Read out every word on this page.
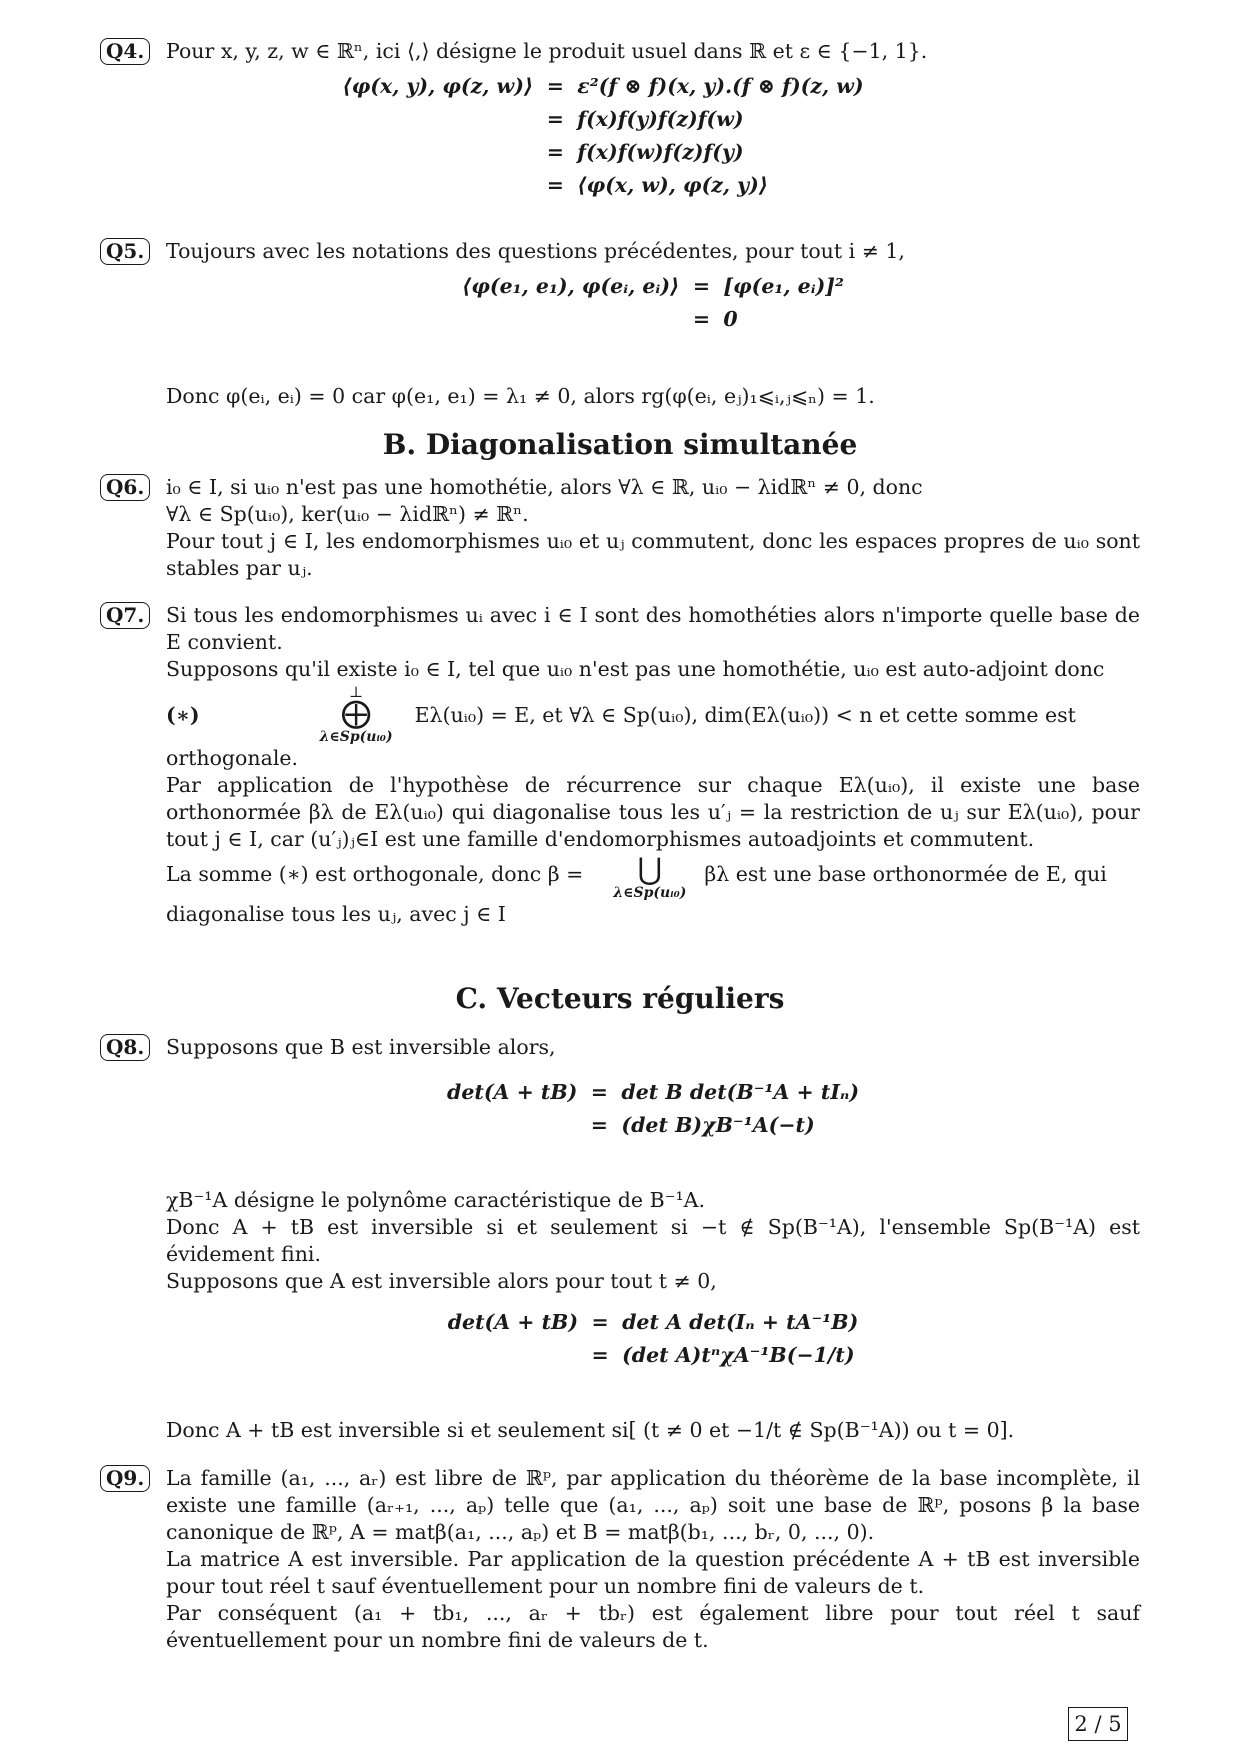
Q4. Pour x, y, z, w ∈ ℝⁿ, ici ⟨,⟩ désigne le produit usuel dans ℝ et ε ∈ {−1, 1}.

⟨φ(x, y), φ(z, w)⟩ = ε²(f ⊗ f)(x, y).(f ⊗ f)(z, w)
= f(x)f(y)f(z)f(w)
= f(x)f(w)f(z)f(y)
= ⟨φ(x, w), φ(z, y)⟩
Q5. Toujours avec les notations des questions précédentes, pour tout i ≠ 1,

⟨φ(e₁, e₁), φ(eᵢ, eᵢ)⟩ = [φ(e₁, eᵢ)]²
= 0

Donc φ(eᵢ, eᵢ) = 0 car φ(e₁, e₁) = λ₁ ≠ 0, alors rg(φ(eᵢ, eⱼ)₁⩽ᵢ,ⱼ⩽ₙ) = 1.

B. Diagonalisation simultanée
Q6. i₀ ∈ I, si uᵢ₀ n'est pas une homothétie, alors ∀λ ∈ ℝ, uᵢ₀ − λidℝⁿ ≠ 0, donc

∀λ ∈ Sp(uᵢ₀), ker(uᵢ₀ − λidℝⁿ) ≠ ℝⁿ.

Pour tout j ∈ I, les endomorphismes uᵢ₀ et uⱼ commutent, donc les espaces propres de uᵢ₀ sont stables par uⱼ.

Q7. Si tous les endomorphismes uᵢ avec i ∈ I sont des homothéties alors n'importe quelle base de E convient.

Supposons qu'il existe i₀ ∈ I, tel que uᵢ₀ n'est pas une homothétie, uᵢ₀ est auto-adjoint donc

(∗)
⊥
⨁
λ∈Sp(uᵢ₀)
Eλ(uᵢ₀) = E, et ∀λ ∈ Sp(uᵢ₀), dim(Eλ(uᵢ₀)) < n et cette somme est

orthogonale.

Par application de l'hypothèse de récurrence sur chaque Eλ(uᵢ₀), il existe une base orthonormée βλ de Eλ(uᵢ₀) qui diagonalise tous les u′ⱼ = la restriction de uⱼ sur Eλ(uᵢ₀), pour tout j ∈ I, car (u′ⱼ)ⱼ∈I est une famille d'endomorphismes autoadjoints et commutent.

La somme (∗) est orthogonale, donc β = ⋃
λ∈Sp(uᵢ₀)
βλ est une base orthonormée de E, qui

diagonalise tous les uⱼ, avec j ∈ I

C. Vecteurs réguliers
Q8. Supposons que B est inversible alors,

det(A + tB) = det B det(B⁻¹A + tIₙ)
= (det B)χB⁻¹A(−t)

χB⁻¹A désigne le polynôme caractéristique de B⁻¹A.

Donc A + tB est inversible si et seulement si −t ∉ Sp(B⁻¹A), l'ensemble Sp(B⁻¹A) est évidement fini.

Supposons que A est inversible alors pour tout t ≠ 0,

det(A + tB) = det A det(Iₙ + tA⁻¹B)
= (det A)tⁿχA⁻¹B(−1/t)

Donc A + tB est inversible si et seulement si[ (t ≠ 0 et −1/t ∉ Sp(B⁻¹A)) ou t = 0].

Q9. La famille (a₁, ..., aᵣ) est libre de ℝᵖ, par application du théorème de la base incomplète, il existe une famille (aᵣ₊₁, ..., aₚ) telle que (a₁, ..., aₚ) soit une base de ℝᵖ, posons β la base canonique de ℝᵖ, A = matβ(a₁, ..., aₚ) et B = matβ(b₁, ..., bᵣ, 0, ..., 0).

La matrice A est inversible. Par application de la question précédente A + tB est inversible pour tout réel t sauf éventuellement pour un nombre fini de valeurs de t.

Par conséquent (a₁ + tb₁, ..., aᵣ + tbᵣ) est également libre pour tout réel t sauf éventuellement pour un nombre fini de valeurs de t.

2 / 5
